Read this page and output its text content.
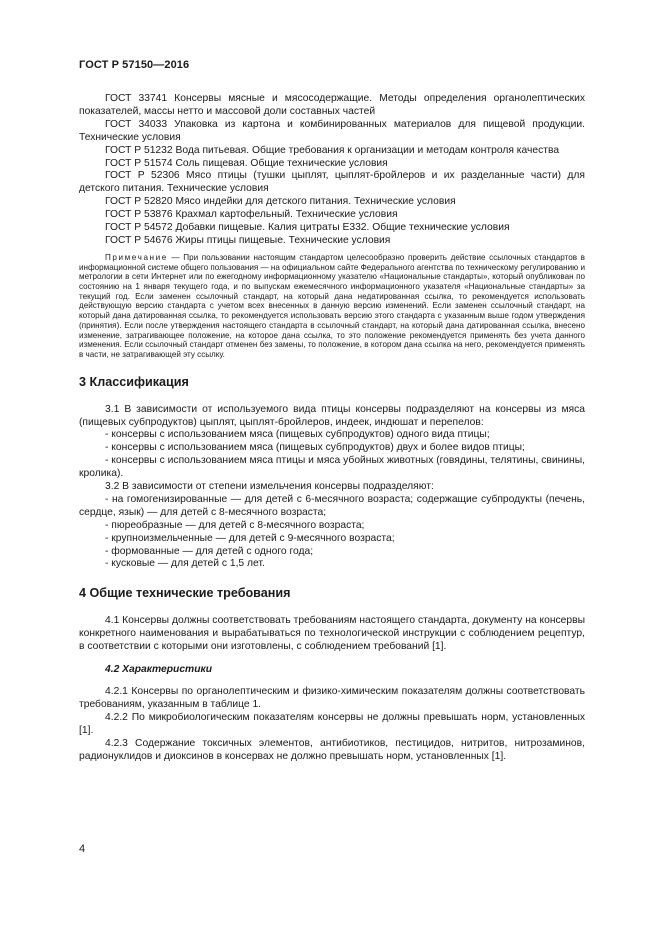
ГОСТ Р 57150—2016

ГОСТ 33741 Консервы мясные и мясосодержащие. Методы определения органолептических показателей, массы нетто и массовой доли составных частей

ГОСТ 34033 Упаковка из картона и комбинированных материалов для пищевой продукции. Технические условия

ГОСТ Р 51232 Вода питьевая. Общие требования к организации и методам контроля качества

ГОСТ Р 51574 Соль пищевая. Общие технические условия

ГОСТ Р 52306 Мясо птицы (тушки цыплят, цыплят-бройлеров и их разделанные части) для детского питания. Технические условия

ГОСТ Р 52820 Мясо индейки для детского питания. Технические условия

ГОСТ Р 53876 Крахмал картофельный. Технические условия

ГОСТ Р 54572 Добавки пищевые. Калия цитраты Е332. Общие технические условия

ГОСТ Р 54676 Жиры птицы пищевые. Технические условия

Примечание — При пользовании настоящим стандартом целесообразно проверить действие ссылочных стандартов в информационной системе общего пользования — на официальном сайте Федерального агентства по техническому регулированию и метрологии в сети Интернет или по ежегодному информационному указателю «Национальные стандарты», который опубликован по состоянию на 1 января текущего года, и по выпускам ежемесячного информационного указателя «Национальные стандарты» за текущий год. Если заменен ссылочный стандарт, на который дана недатированная ссылка, то рекомендуется использовать действующую версию стандарта с учетом всех внесенных в данную версию изменений. Если заменен ссылочный стандарт, на который дана датированная ссылка, то рекомендуется использовать версию этого стандарта с указанным выше годом утверждения (принятия). Если после утверждения настоящего стандарта в ссылочный стандарт, на который дана датированная ссылка, внесено изменение, затрагивающее положение, на которое дана ссылка, то это положение рекомендуется применять без учета данного изменения. Если ссылочный стандарт отменен без замены, то положение, в котором дана ссылка на него, рекомендуется применять в части, не затрагивающей эту ссылку.

3 Классификация

3.1 В зависимости от используемого вида птицы консервы подразделяют на консервы из мяса (пищевых субпродуктов) цыплят, цыплят-бройлеров, индеек, индюшат и перепелов:

- консервы с использованием мяса (пищевых субпродуктов) одного вида птицы;

- консервы с использованием мяса (пищевых субпродуктов) двух и более видов птицы;

- консервы с использованием мяса птицы и мяса убойных животных (говядины, телятины, свинины, кролика).

3.2 В зависимости от степени измельчения консервы подразделяют:

- на гомогенизированные — для детей с 6-месячного возраста; содержащие субпродукты (печень, сердце, язык) — для детей с 8-месячного возраста;

- пюреобразные — для детей с 8-месячного возраста;

- крупноизмельченные — для детей с 9-месячного возраста;

- формованные — для детей с одного года;

- кусковые — для детей с 1,5 лет.

4 Общие технические требования

4.1 Консервы должны соответствовать требованиям настоящего стандарта, документу на консервы конкретного наименования и вырабатываться по технологической инструкции с соблюдением рецептур, в соответствии с которыми они изготовлены, с соблюдением требований [1].

4.2 Характеристики

4.2.1 Консервы по органолептическим и физико-химическим показателям должны соответствовать требованиям, указанным в таблице 1.

4.2.2 По микробиологическим показателям консервы не должны превышать норм, установленных [1].

4.2.3 Содержание токсичных элементов, антибиотиков, пестицидов, нитритов, нитрозаминов, радионуклидов и диоксинов в консервах не должно превышать норм, установленных [1].

4
